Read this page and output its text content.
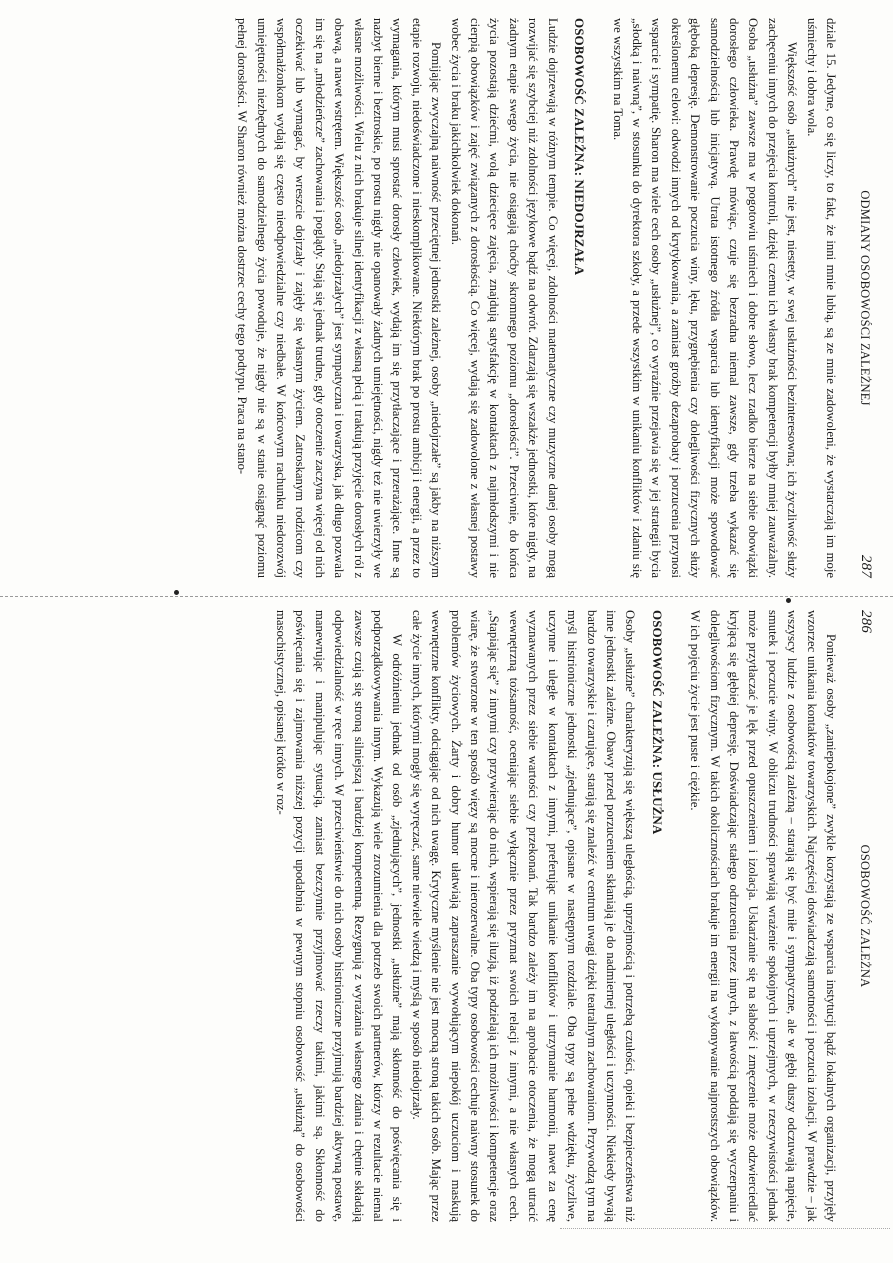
286
OSOBOWOŚĆ ZALEŻNA

Ponieważ osoby „zaniepokojone” zwykle korzystają ze wsparcia instytucji bądź lokalnych organizacji, przyjęły wzorzec unikania kontaktów towarzyskich. Najczęściej doświadczają samotności i poczucia izolacji. W prawdzie – jak wszyscy ludzie z osobowością zależną – starają się być miłe i sympatyczne, ale w głębi duszy odczuwają napięcie, smutek i poczucie winy. W obliczu trudności sprawiają wrażenie spokojnych i uprzejmych, w rzeczywistości jednak może przytłaczać je lęk przed opuszczeniem i izolacja. Uskarżanie się na słabość i zmęczenie może odzwierciedlać kryjącą się głębiej depresję. Doświadczając stałego odrzucenia przez innych, z łatwością poddają się wyczerpaniu i dolegliwościom fizycznym. W takich okolicznościach brakuje im energii na wykonywanie najprostszych obowiązków. W ich pojęciu życie jest puste i ciężkie.

OSOBOWOŚĆ ZALEŻNA: USŁUŻNA

Osoby „usłużne” charakteryzują się większą uległością, uprzejmością i potrzebą czułości, opieki i bezpieczeństwa niż inne jednostki zależne. Obawy przed porzuceniem skłaniają je do nadmiernej uległości i uczynności. Niekiedy bywają bardzo towarzyskie i czarujące, starają się znaleźć w centrum uwagi dzięki teatralnym zachowaniom. Przywodzą tym na myśl histrioniczne jednostki „zjednujące”, opisane w następnym rozdziale. Oba typy są pełne wdzięku, życzliwe, uczynne i uległe w kontaktach z innymi, preferując unikanie konfliktów i utrzymanie harmonii, nawet za cenę wyznawanych przez siebie wartości czy przekonań. Tak bardzo zależy im na aprobacie otoczenia, że mogą utracić wewnętrzną tożsamość, oceniając siebie wyłącznie przez pryzmat swoich relacji z innymi, a nie własnych cech. „Stapiając się” z innymi czy przywierając do nich, wspierają się iluzją, iż podzielają ich możliwości i kompetencje oraz wiarę, że stworzone w ten sposób więzy są mocne i nierozerwalne. Oba typy osobowości cechuje naiwny stosunek do problemów życiowych. Żarty i dobry humor ułatwiają zapraszanie wywołującym niepokój uczuciom i maskują wewnętrzne konflikty, odciągając od nich uwagę. Krytyczne myślenie nie jest mocną stroną takich osób. Mając przez całe życie innych, którymi mogły się wyręczać, same niewiele wiedzą i myślą w sposób niedojrzały.

W odróżnieniu jednak od osób „zjednujących”, jednostki „usłużne” mają skłonność do poświęcania się i podporządkowywania innym. Wykazują wiele zrozumienia dla potrzeb swoich partnerów, którzy w rezultacie niemal zawsze czują się stroną silniejszą i bardziej kompetentną. Rezygnują z wyrażania własnego zdania i chętnie składają odpowiedzialność w ręce innych. W przeciwieństwie do nich osoby histrioniczne przyjmują bardziej aktywną postawę, manewrując i manipulując sytuacją, zamiast bezczynnie przyjmować rzeczy takimi, jakimi są. Skłonność do poświęcania się i zajmowania niższej pozycji upodabnia w pewnym stopniu osobowość „usłużną” do osobowości masochistycznej, opisanej krótko w roz-

ODMIANY OSOBOWOŚCI ZALEŻNEJ
287

dziale 15. Jedyne, co się liczy, to fakt, że inni mnie lubią, są ze mnie zadowoleni, że wystarczają im moje uśmiechy i dobra wola.

Większość osób „usłużnych” nie jest, niestety, w swej usłużności bezinteresowna; ich życzliwość służy zachęceniu innych do przejęcia kontroli, dzięki czemu ich własny brak kompetencji byłby mniej zauważalny. Osoba „usłużna” zawsze ma w pogotowiu uśmiech i dobre słowo, lecz rzadko bierze na siebie obowiązki dorosłego człowieka. Prawdę mówiąc, czuje się bezradna niemal zawsze, gdy trzeba wykazać się samodzielnością lub inicjatywą. Utrata istotnego źródła wsparcia lub identyfikacji może spowodować głęboką depresję. Demonstrowanie poczucia winy, lęku, przygnębienia czy dolegliwości fizycznych służy określonemu celowi: odwodzi innych od krytykowania, a zamiast groźby dezaprobaty i porzucenia przynosi wsparcie i sympatię. Sharon ma wiele cech osoby „usłużnej”, co wyraźnie przejawia się w jej strategii bycia „słodką i naiwną”, w stosunku do dyrektora szkoły, a przede wszystkim w unikaniu konfliktów i zdaniu się we wszystkim na Toma.

OSOBOWOŚĆ ZALEŻNA: NIEDOJRZAŁA

Ludzie dojrzewają w różnym tempie. Co więcej, zdolności matematyczne czy muzyczne danej osoby mogą rozwijać się szybciej niż zdolności językowe bądź na odwrót. Zdarzają się wszakże jednostki, które nigdy, na żadnym etapie swego życia, nie osiągają choćby skromnego poziomu „dorosłości”. Przeciwnie, do końca życia pozostają dziećmi, wolą dziecięce zajęcia, znajdują satysfakcję w kontaktach z najmłodszymi i nie cierpią obowiązków i zajęć związanych z dorosłością. Co więcej, wydają się zadowolone z własnej postawy wobec życia i braku jakichkolwiek dokonań.

Pomijając zwyczajną naiwność przeciętnej jednostki zależnej, osoby „niedojrzałe” są jakby na niższym etapie rozwoju, niedoświadczone i nieskomplikowane. Niektórym brak po prostu ambicji i energii, a przez to wymagania, którym musi sprostać dorosły człowiek, wydają im się przytłaczające i przerażające. Inne są nazbyt bierne i beztroskie, po prostu nigdy nie opanowały żadnych umiejętności, nigdy też nie uwierzyły we własne możliwości. Wielu z nich brakuje silnej identyfikacji z własną płcią i traktują przyjęcie dorosłych ról z obawą, a nawet wstrętem. Większość osób „niedojrzałych” jest sympatyczna i towarzyska, jak długo pozwala im się na „młodzieńcze” zachowania i poglądy. Stają się jednak trudne, gdy otoczenie zaczyna więcej od nich oczekiwać lub wymagać, by wreszcie dojrzały i zajęły się własnym życiem. Zatroskanym rodzicom czy współmałżonkom wydają się często nieodpowiedzialne czy niedbałe. W końcowym rachunku niedorozwój umiejętności niezbędnych do samodzielnego życia powoduje, że nigdy nie są w stanie osiągnąć poziomu pełnej dorosłości. W Sharon również można dostrzec cechy tego podtypu. Praca na stano-
